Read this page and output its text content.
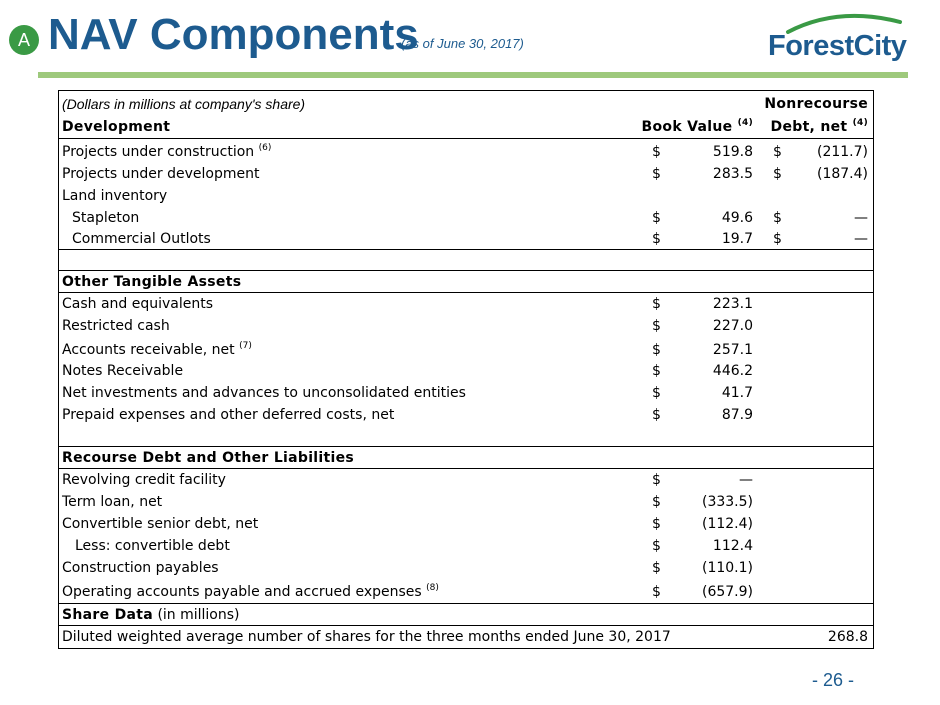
A NAV Components
(as of June 30, 2017)	ForestCity
(Dollars in millions at company's share)	Nonrecourse
Development	Book Value $^{(4)}$ Debt, net $^{(4)}$
Projects under construction $^{(6)}$	$	519.8 $	(211.7)
Projects under development	$	283.5 $	(187.4)
Land inventory
Stapleton	$	49.6 $	—
Commercial Outlots	$	19.7 $	—
Other Tangible Assets
Cash and equivalents	$	223.1
Restricted cash	$	227.0
Accounts receivable, net $^{(7)}$	$	257.1
Notes Receivable	$	446.2
Net investments and advances to unconsolidated entities	$	41.7
Prepaid expenses and other deferred costs, net	$	87.9
Recourse Debt and Other Liabilities
Revolving credit facility	$	—
Term loan, net	$	(333.5)
Convertible senior debt, net	$	(112.4)
Less: convertible debt	$	112.4
Construction payables	$	(110.1)
Operating accounts payable and accrued expenses $^{(8)}$	$	(657.9)
Share Data (in millions)
Diluted weighted average number of shares for the three months ended June 30, 2017	268.8
- 26 -
